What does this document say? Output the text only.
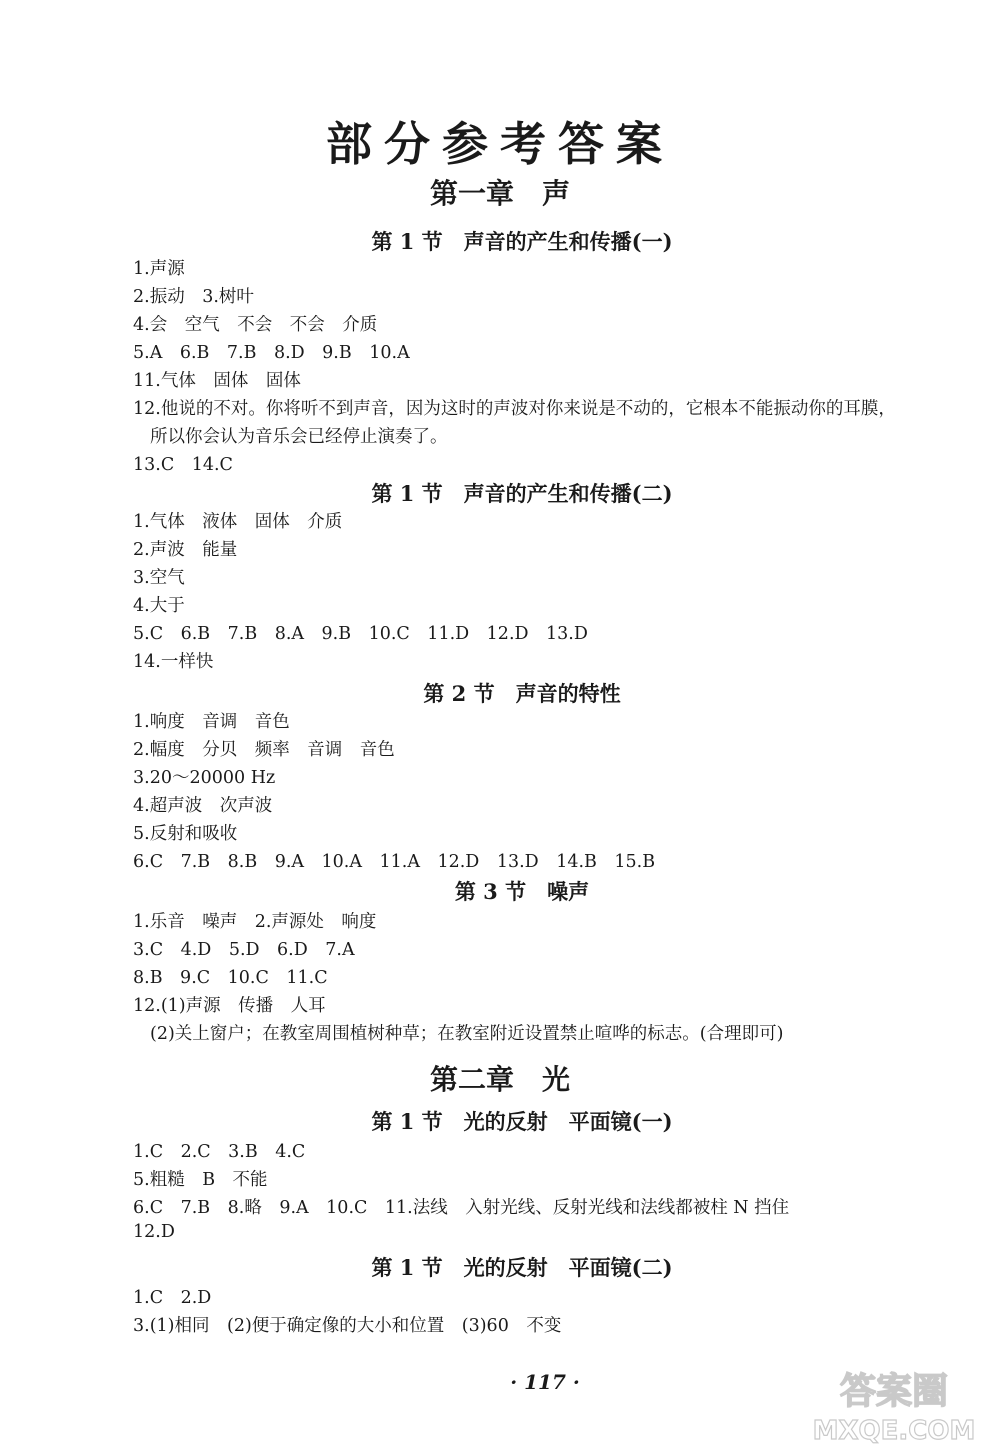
部分参考答案
第一章　声
第二章　光
第 1 节　声音的产生和传播(一)
第 1 节　声音的产生和传播(二)
第 2 节　声音的特性
第 3 节　噪声
第 1 节　光的反射　平面镜(一)
第 1 节　光的反射　平面镜(二)

1.声源

2.振动　3.树叶

4.会　空气　不会　不会　介质

5.A　6.B　7.B　8.D　9.B　10.A

11.气体　固体　固体

12.他说的不对。你将听不到声音，因为这时的声波对你来说是不动的，它根本不能振动你的耳膜，

所以你会认为音乐会已经停止演奏了。

13.C　14.C

1.气体　液体　固体　介质

2.声波　能量

3.空气

4.大于

5.C　6.B　7.B　8.A　9.B　10.C　11.D　12.D　13.D

14.一样快

1.响度　音调　音色

2.幅度　分贝　频率　音调　音色

3.20～20000 Hz

4.超声波　次声波

5.反射和吸收

6.C　7.B　8.B　9.A　10.A　11.A　12.D　13.D　14.B　15.B

1.乐音　噪声　2.声源处　响度

3.C　4.D　5.D　6.D　7.A

8.B　9.C　10.C　11.C

12.(1)声源　传播　人耳

(2)关上窗户；在教室周围植树种草；在教室附近设置禁止喧哗的标志。(合理即可)

1.C　2.C　3.B　4.C

5.粗糙　B　不能

6.C　7.B　8.略　9.A　10.C　11.法线　入射光线、反射光线和法线都被柱 N 挡住

12.D

1.C　2.D

3.(1)相同　(2)便于确定像的大小和位置　(3)60　不变

· 117 ·	答案圈
MXQE.COM
